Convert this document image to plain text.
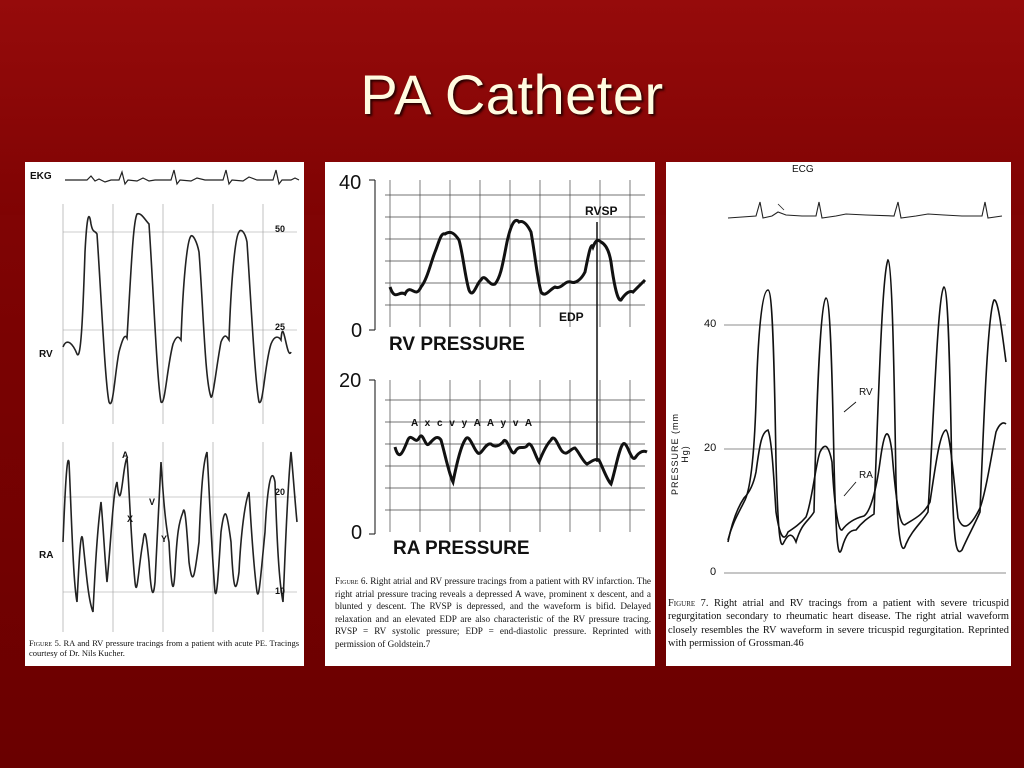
PA Catheter
EKG
RV
RA
50
25
20
10
A
X
V
Y
Figure 5. RA and RV pressure tracings from a patient with acute PE. Tracings courtesy of Dr. Nils Kucher.
40
0
RV PRESSURE
RVSP
EDP
20
0
A x c v y A A y v A
RA PRESSURE
Figure 6. Right atrial and RV pressure tracings from a patient with RV infarction. The right atrial pressure tracing reveals a depressed A wave, prominent x descent, and a blunted y descent. The RVSP is depressed, and the waveform is bifid. Delayed relaxation and an elevated EDP are also characteristic of the RV pressure tracing. RVSP = RV systolic pressure; EDP = end-diastolic pressure. Reprinted with permission of Goldstein.7
ECG
PRESSURE (mm Hg)
40
20
0
RV
RA
Figure 7. Right atrial and RV tracings from a patient with severe tricuspid regurgitation secondary to rheumatic heart disease. The right atrial waveform closely resembles the RV waveform in severe tricuspid regurgitation. Reprinted with permission of Grossman.46
